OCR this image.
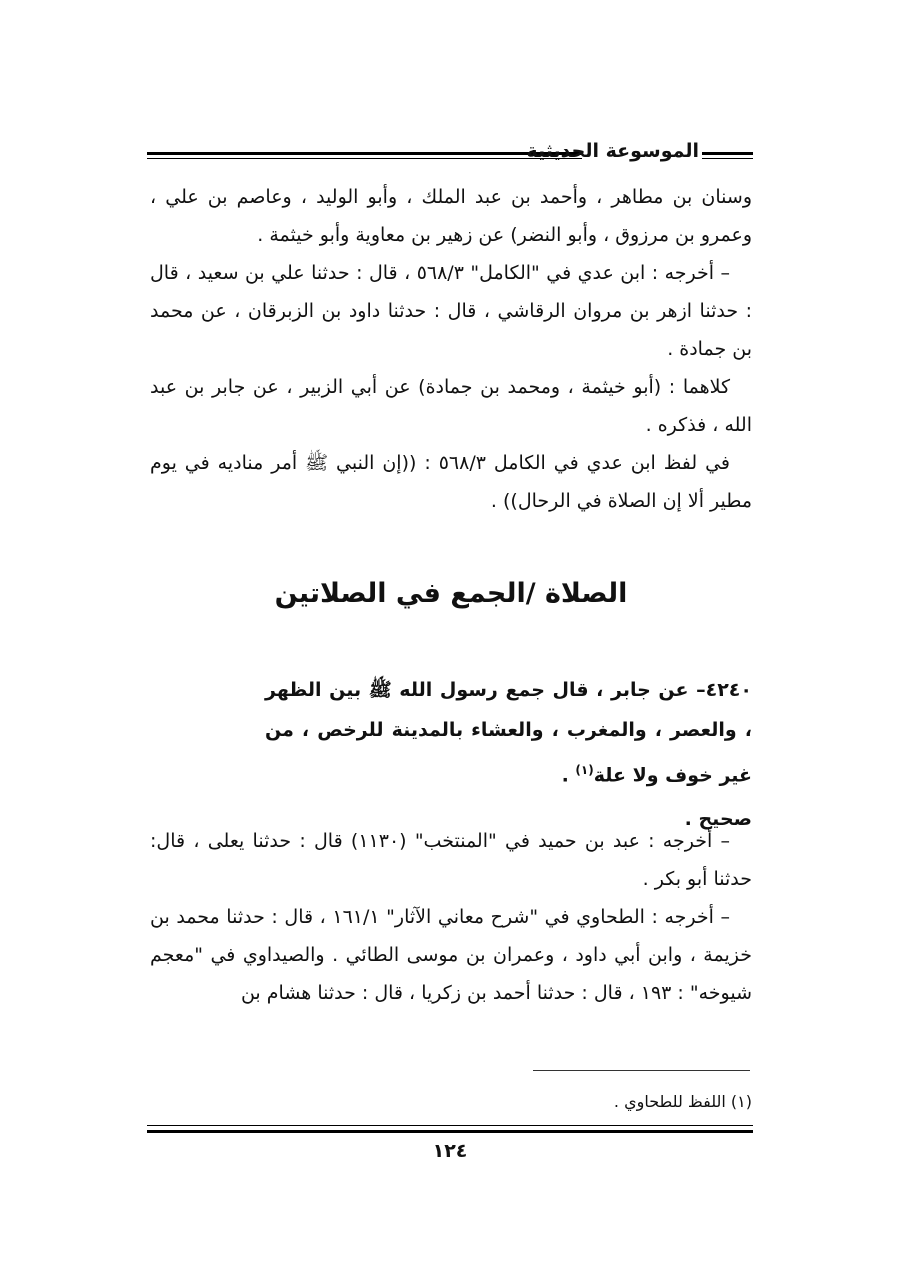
الموسوعة الحديثية

وسنان بن مطاهر ، وأحمد بن عبد الملك ، وأبو الوليد ، وعاصم بن علي ، وعمرو بن مرزوق ، وأبو النضر) عن زهير بن معاوية وأبو خيثمة .

– أخرجه : ابن عدي في "الكامل" ٥٦٨/٣ ، قال : حدثنا علي بن سعيد ، قال : حدثنا ازهر بن مروان الرقاشي ، قال : حدثنا داود بن الزبرقان ، عن محمد بن جمادة .

كلاهما : (أبو خيثمة ، ومحمد بن جمادة) عن أبي الزبير ، عن جابر بن عبد الله ، فذكره .

في لفظ ابن عدي في الكامل ٥٦٨/٣ : ((إن النبي ﷺ أمر مناديه في يوم مطير ألا إن الصلاة في الرحال)) .

الصلاة /الجمع في الصلاتين
٤٢٤٠– عن جابر ، قال جمع رسول الله ﷺ بين الظهر ، والعصر ، والمغرب ، والعشاء بالمدينة للرخص ، من غير خوف ولا علة$^{(١)}$ .
صحيح .

– أخرجه : عبد بن حميد في "المنتخب" (١١٣٠) قال : حدثنا يعلى ، قال: حدثنا أبو بكر .

– أخرجه : الطحاوي في "شرح معاني الآثار" ١٦١/١ ، قال : حدثنا محمد بن خزيمة ، وابن أبي داود ، وعمران بن موسى الطائي . والصيداوي في "معجم شيوخه" : ١٩٣ ، قال : حدثنا أحمد بن زكريا ، قال : حدثنا هشام بن

(١) اللفظ للطحاوي .
١٢٤
